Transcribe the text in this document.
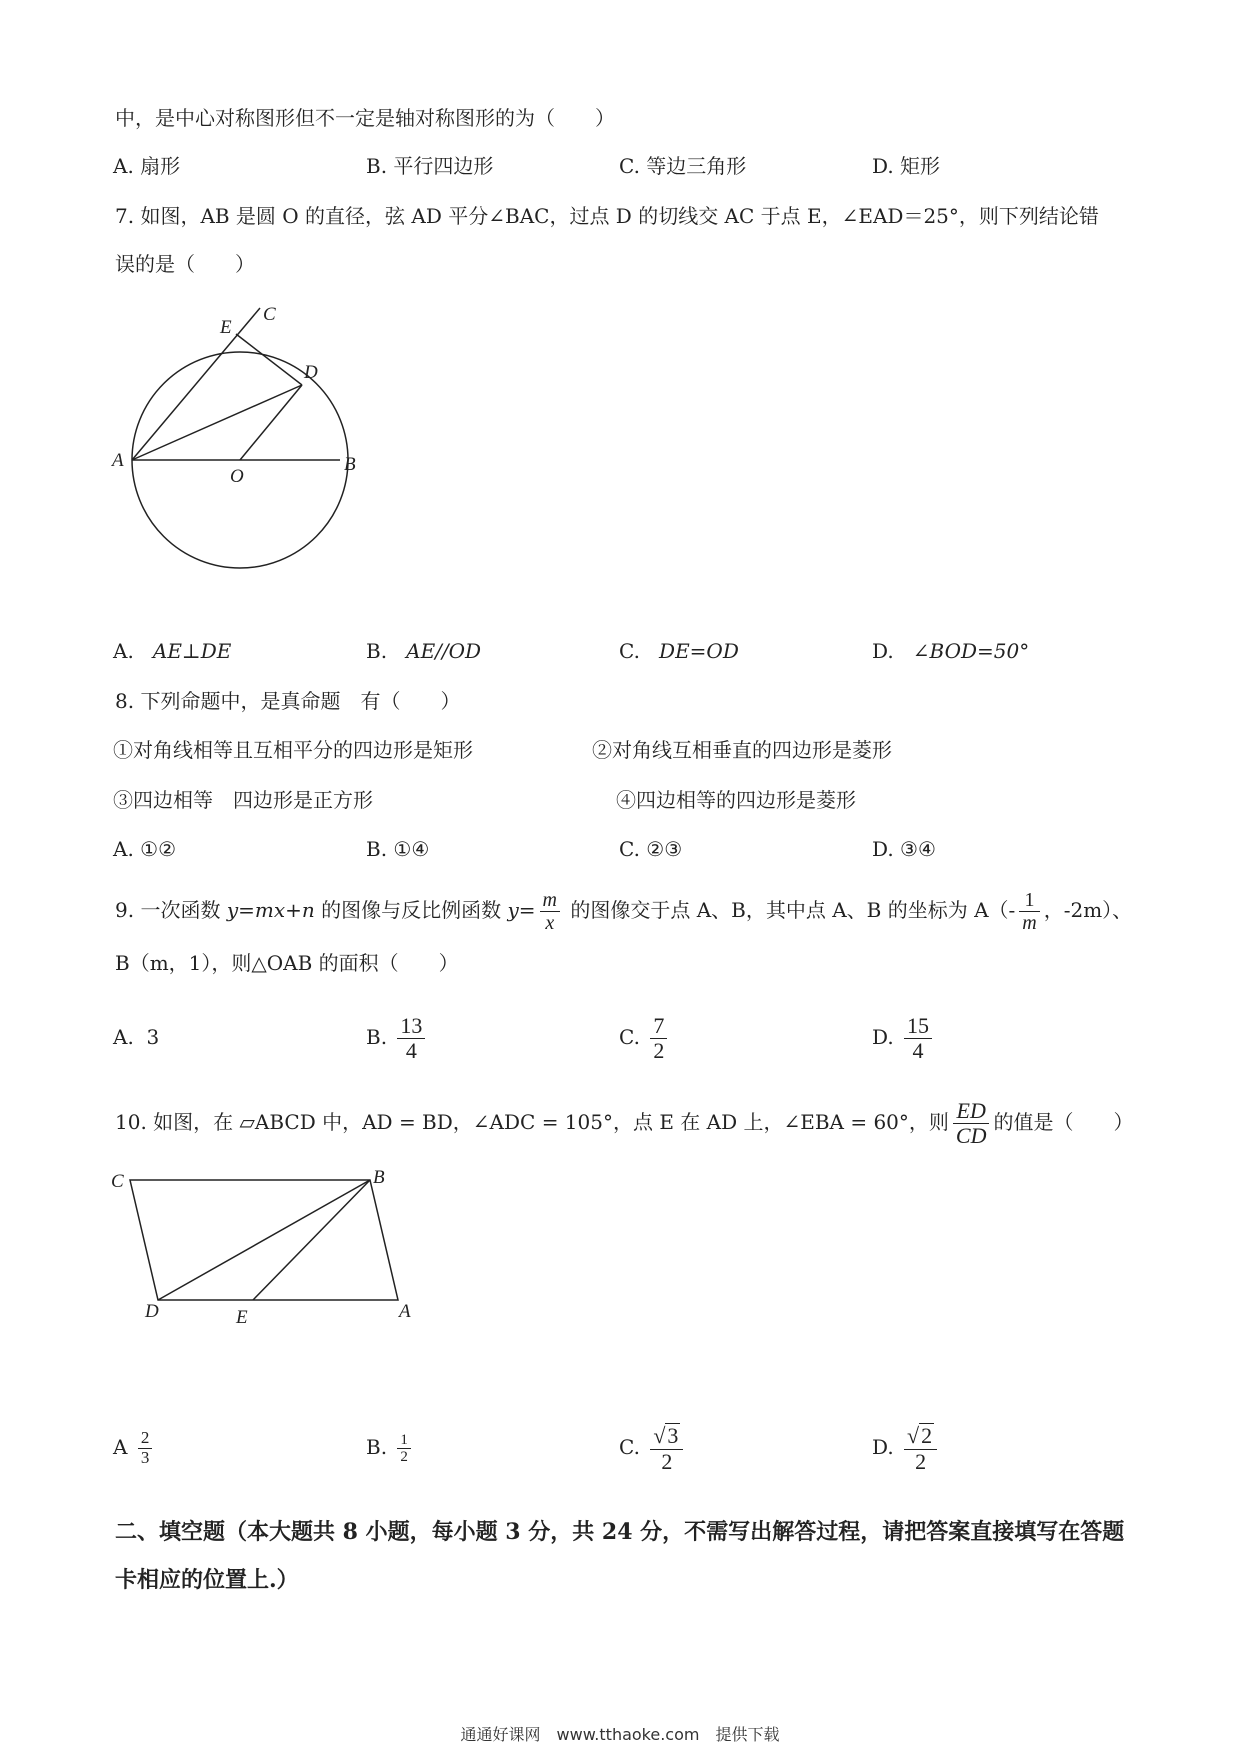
中，是中心对称图形但不一定是轴对称图形的为（　　）
A. 扇形	B. 平行四边形	C. 等边三角形	D. 矩形
7. 如图，AB 是圆 O 的直径，弦 AD 平分∠BAC，过点 D 的切线交 AC 于点 E，∠EAD＝25°，则下列结论错
误的是（　　）
A	B
C
D
E
O
A. AE⊥DE	B. AE//OD	C. DE=OD	D. ∠BOD=50°
8. 下列命题中，是真命题　有（　　）
①对角线相等且互相平分的四边形是矩形	②对角线互相垂直的四边形是菱形
③四边相等　四边形是正方形	④四边相等的四边形是菱形
A. ①②	B. ①④	C. ②③	D. ③④
9. 一次函数 y=mx+n 的图像与反比例函数 $y= \frac{m}{x}$ 的图像交于点 A、B，其中点 A、B 的坐标为 $A(- \frac{1}{m}$ ，-2m）、
B（m，1），则△OAB 的面积（　　）
A. 3	B. $\frac{13}{4}$	C. $\frac{7}{2}$	D. $\frac{15}{4}$
10. 如图，在 ▱ABCD 中，AD = BD，∠ADC = 105°，点 E 在 AD 上，∠EBA = 60°，则 $\frac{ED}{CD}$ 的值是（　　）
C	B
D	E	A
A $\frac{2}{3}$	B. $\frac{1}{2}$	C. $\frac{√3}{2}$	D. $\frac{√2}{2}$
二、填空题（本大题共 8 小题，每小题 3 分，共 24 分，不需写出解答过程，请把答案直接填写在答题卡相应的位置上.）
通通好课网　www.tthaoke.com　提供下载
